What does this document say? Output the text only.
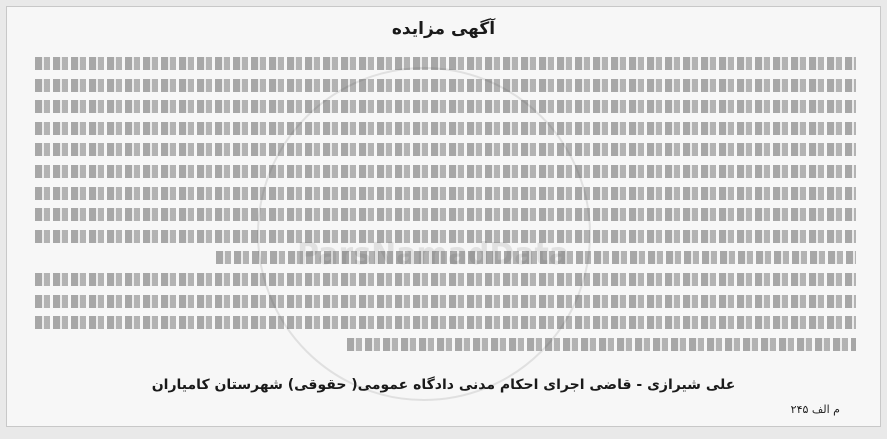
آگهی مزایده
علی شیرازی - قاضی اجرای احکام مدنی دادگاه عمومی( حقوقی) شهرستان کامیاران
م الف ۲۴۵
